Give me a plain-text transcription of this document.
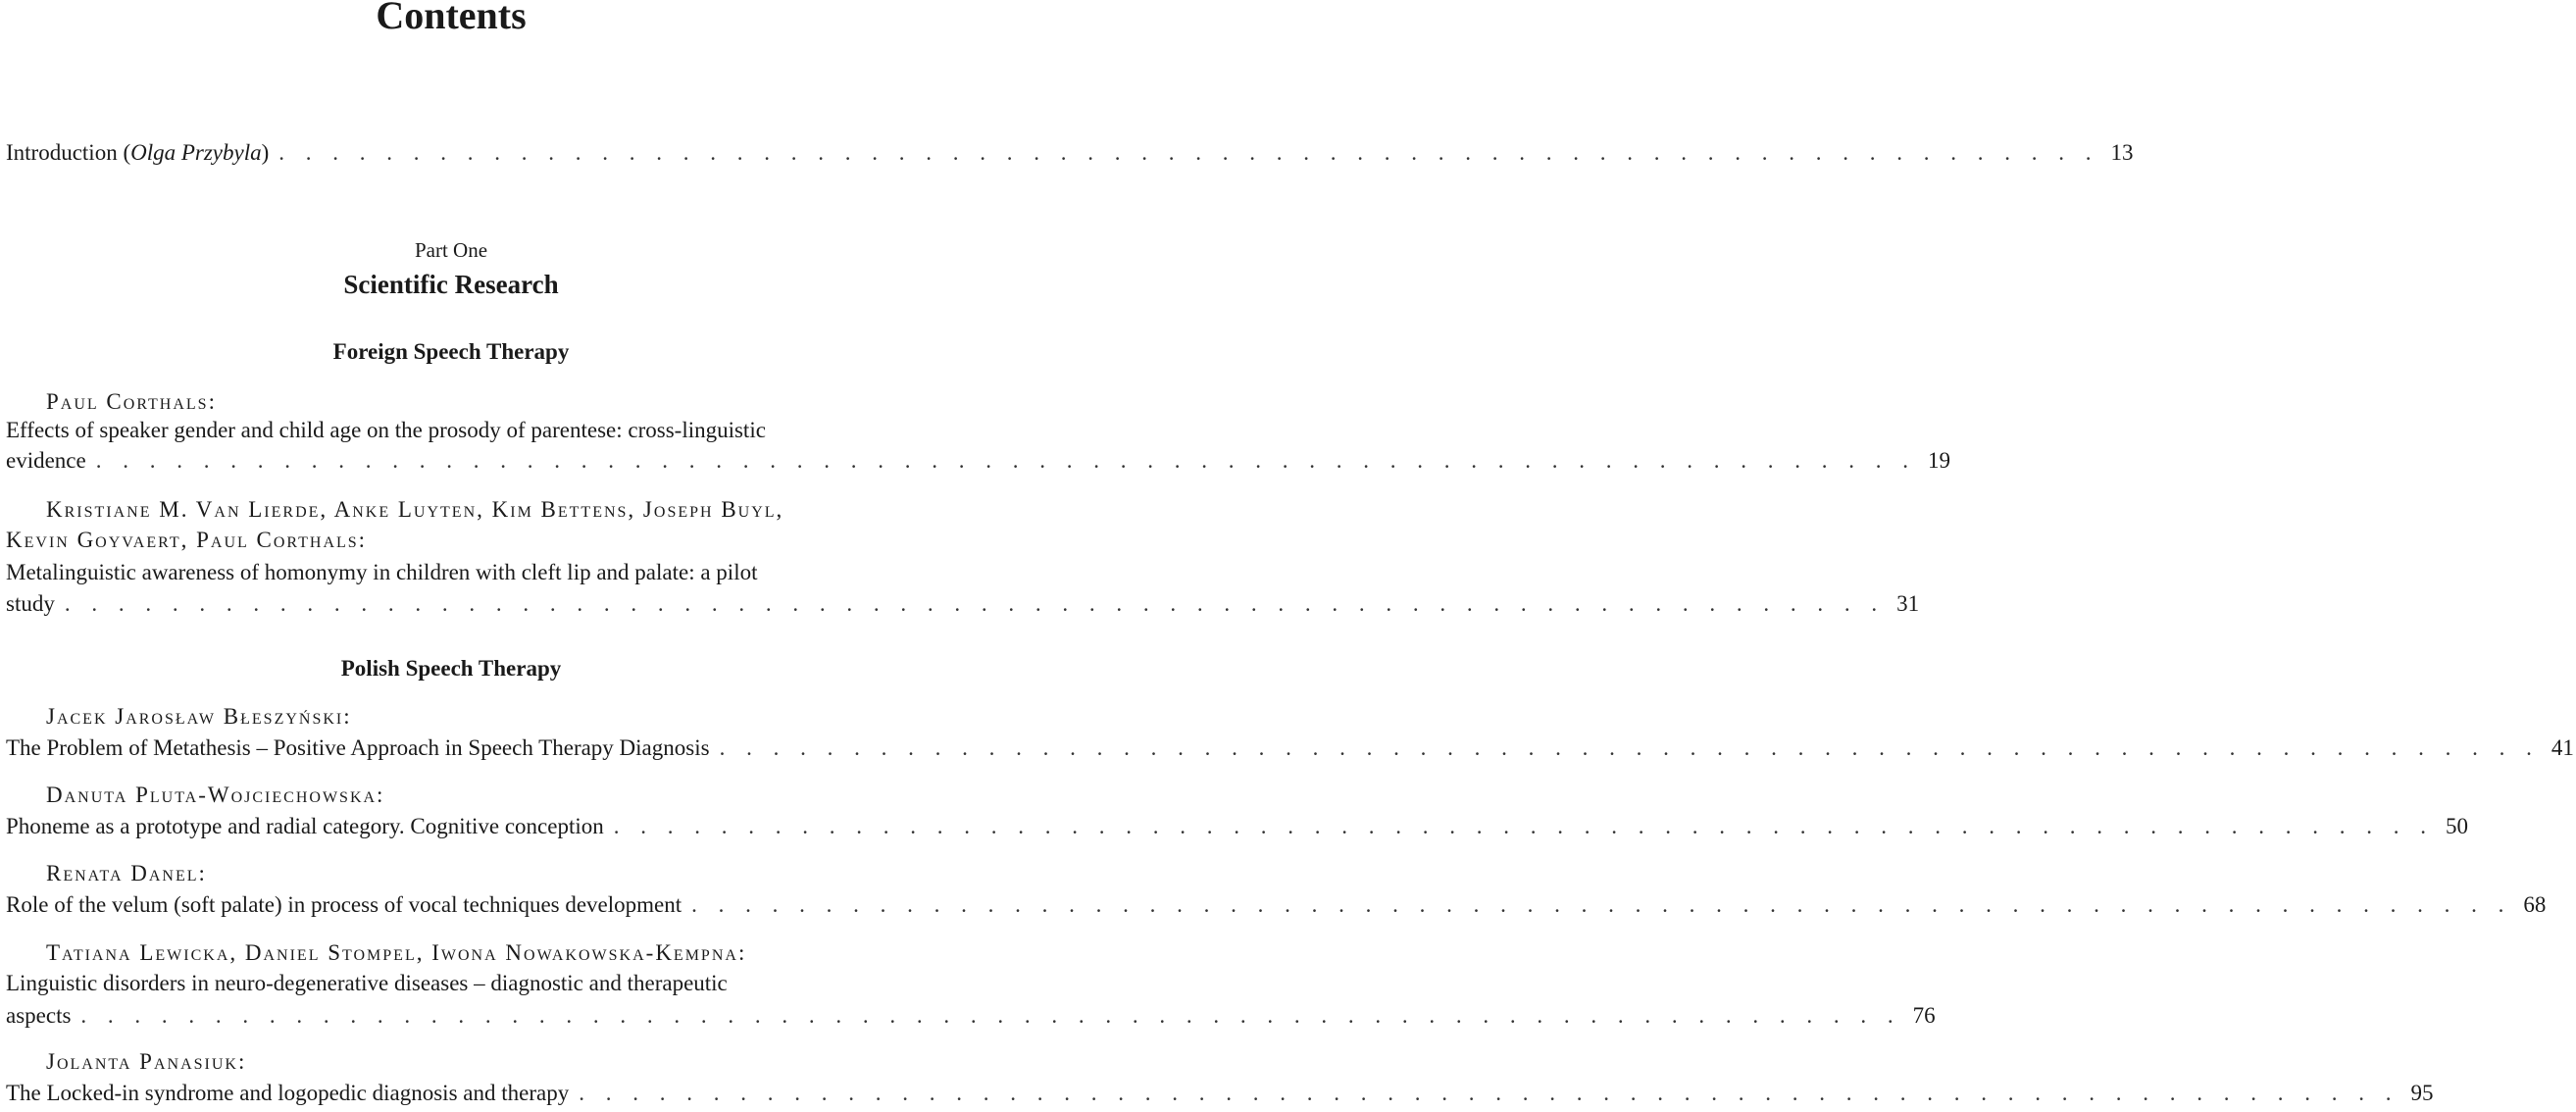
Contents
Introduction (Olga Przybyla) . . . . . . . . . . . . . . . . . . . . . . . . . . . . . . . . . . . . . . . . . . . . . . . . . . . . . . . . . . . . . . . . . . . . 13
Part One
Scientific Research
Foreign Speech Therapy
Paul Corthals:
Effects of speaker gender and child age on the prosody of parentese: cross-linguistic
evidence . . . . . . . . . . . . . . . . . . . . . . . . . . . . . . . . . . . . . . . . . . . . . . . . . . . . . . . . . . . . . . . . . . . . 19
Kristiane M. Van Lierde, Anke Luyten, Kim Bettens, Joseph Buyl,
Kevin Goyvaert, Paul Corthals:
Metalinguistic awareness of homonymy in children with cleft lip and palate: a pilot
study . . . . . . . . . . . . . . . . . . . . . . . . . . . . . . . . . . . . . . . . . . . . . . . . . . . . . . . . . . . . . . . . . . . . 31
Polish Speech Therapy
Jacek Jarosław Błeszyński:
The Problem of Metathesis – Positive Approach in Speech Therapy Diagnosis . . . . . . . . . . . . . . . . . . . . . . . . . . . . . . . . . . . . . . . . . . . . . . . . . . . . . . . . . . . . . . . . . . . . 41
Danuta Pluta-Wojciechowska:
Phoneme as a prototype and radial category. Cognitive conception . . . . . . . . . . . . . . . . . . . . . . . . . . . . . . . . . . . . . . . . . . . . . . . . . . . . . . . . . . . . . . . . . . . . 50
Renata Danel:
Role of the velum (soft palate) in process of vocal techniques development . . . . . . . . . . . . . . . . . . . . . . . . . . . . . . . . . . . . . . . . . . . . . . . . . . . . . . . . . . . . . . . . . . . . 68
Tatiana Lewicka, Daniel Stompel, Iwona Nowakowska-Kempna:
Linguistic disorders in neuro-degenerative diseases – diagnostic and therapeutic
aspects . . . . . . . . . . . . . . . . . . . . . . . . . . . . . . . . . . . . . . . . . . . . . . . . . . . . . . . . . . . . . . . . . . . . 76
Jolanta Panasiuk:
The Locked-in syndrome and logopedic diagnosis and therapy . . . . . . . . . . . . . . . . . . . . . . . . . . . . . . . . . . . . . . . . . . . . . . . . . . . . . . . . . . . . . . . . . . . . 95
